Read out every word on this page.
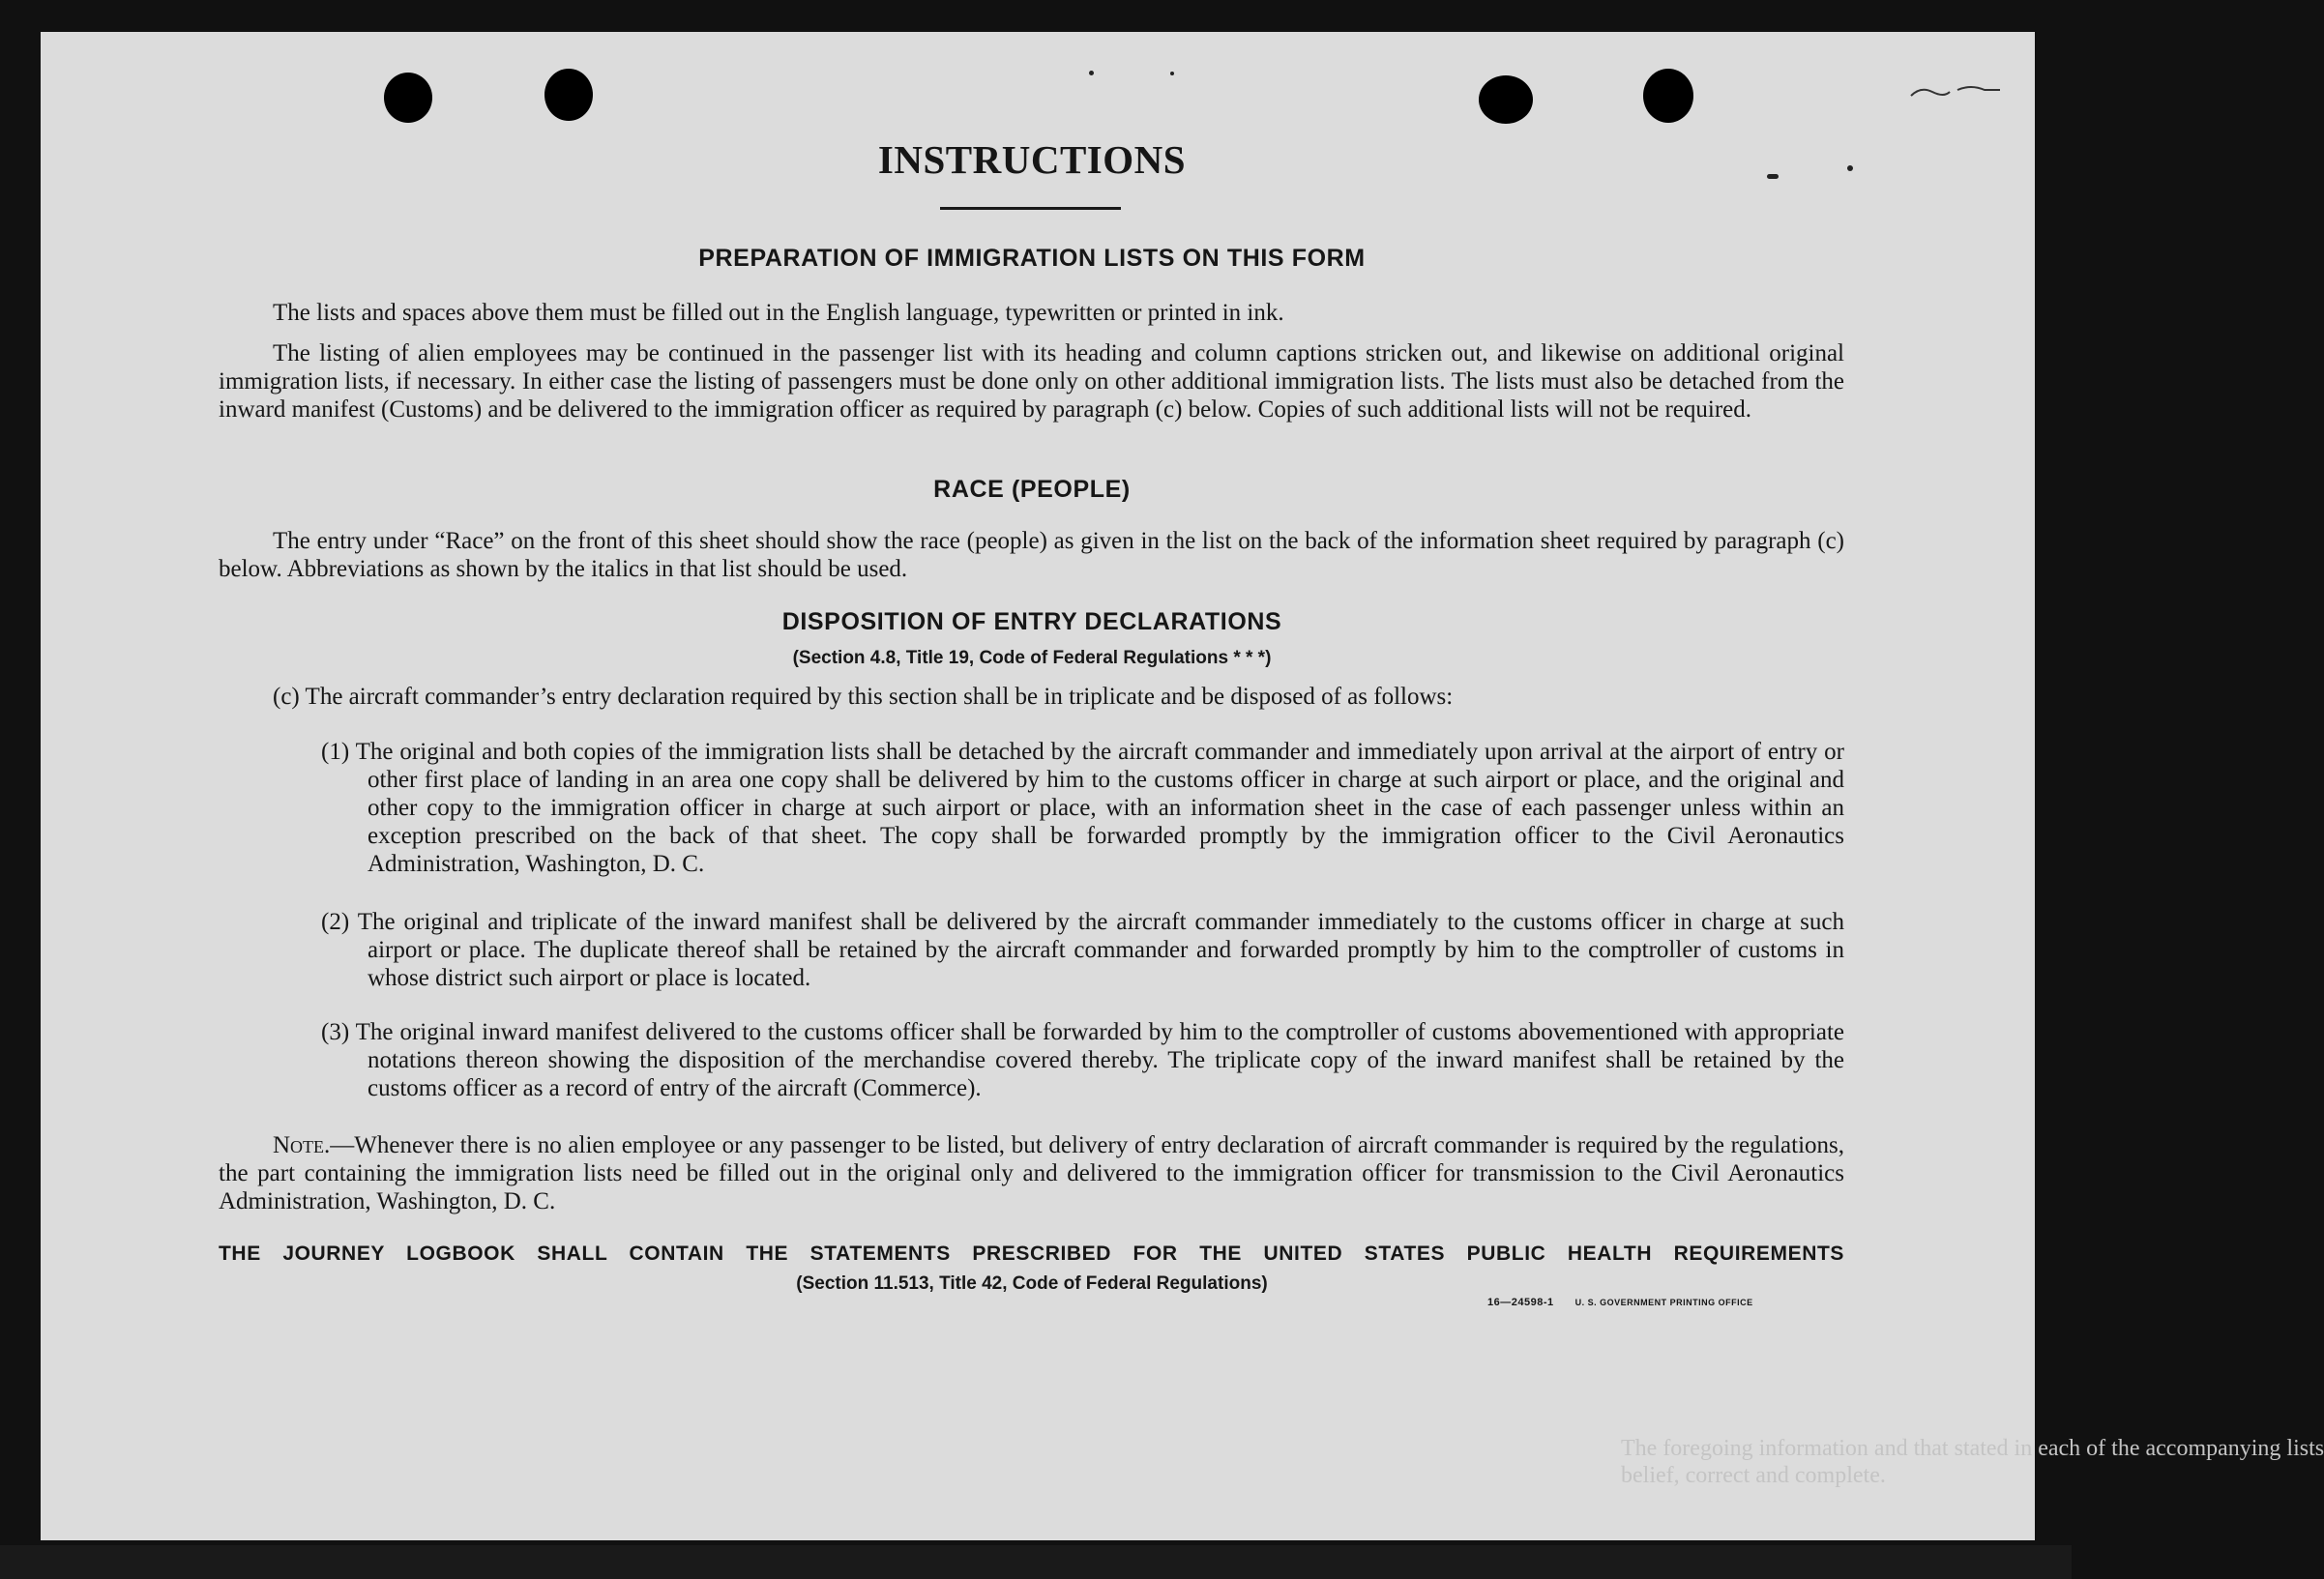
The foregoing information and that stated in each of the accompanying lists
belief, correct and complete.
INSTRUCTIONS
PREPARATION OF IMMIGRATION LISTS ON THIS FORM

The lists and spaces above them must be filled out in the English language, typewritten or printed in ink.

The listing of alien employees may be continued in the passenger list with its heading and column captions stricken out, and likewise on additional original immigration lists, if necessary. In either case the listing of passengers must be done only on other additional immigration lists. The lists must also be detached from the inward manifest (Customs) and be delivered to the immigration officer as required by paragraph (c) below. Copies of such additional lists will not be required.

RACE (PEOPLE)

The entry under “Race” on the front of this sheet should show the race (people) as given in the list on the back of the information sheet required by paragraph (c) below. Abbreviations as shown by the italics in that list should be used.

DISPOSITION OF ENTRY DECLARATIONS
(Section 4.8, Title 19, Code of Federal Regulations * * *)

(c) The aircraft commander’s entry declaration required by this section shall be in triplicate and be disposed of as follows:

(1) The original and both copies of the immigration lists shall be detached by the aircraft commander and immediately upon arrival at the airport of entry or other first place of landing in an area one copy shall be delivered by him to the customs officer in charge at such airport or place, and the original and other copy to the immigration officer in charge at such airport or place, with an information sheet in the case of each passenger unless within an exception prescribed on the back of that sheet. The copy shall be forwarded promptly by the immigration officer to the Civil Aeronautics Administration, Washington, D. C.
(2) The original and triplicate of the inward manifest shall be delivered by the aircraft commander immediately to the customs officer in charge at such airport or place. The duplicate thereof shall be retained by the aircraft commander and forwarded promptly by him to the comptroller of customs in whose district such airport or place is located.
(3) The original inward manifest delivered to the customs officer shall be forwarded by him to the comptroller of customs abovementioned with appropriate notations thereon showing the disposition of the merchandise covered thereby. The triplicate copy of the inward manifest shall be retained by the customs officer as a record of entry of the aircraft (Commerce).

Note.—Whenever there is no alien employee or any passenger to be listed, but delivery of entry declaration of aircraft commander is required by the regulations, the part containing the immigration lists need be filled out in the original only and delivered to the immigration officer for transmission to the Civil Aeronautics Administration, Washington, D. C.

THE JOURNEY LOGBOOK SHALL CONTAIN THE STATEMENTS PRESCRIBED FOR THE UNITED STATES PUBLIC HEALTH REQUIREMENTS
(Section 11.513, Title 42, Code of Federal Regulations)
16—24598-1 U. S. GOVERNMENT PRINTING OFFICE
